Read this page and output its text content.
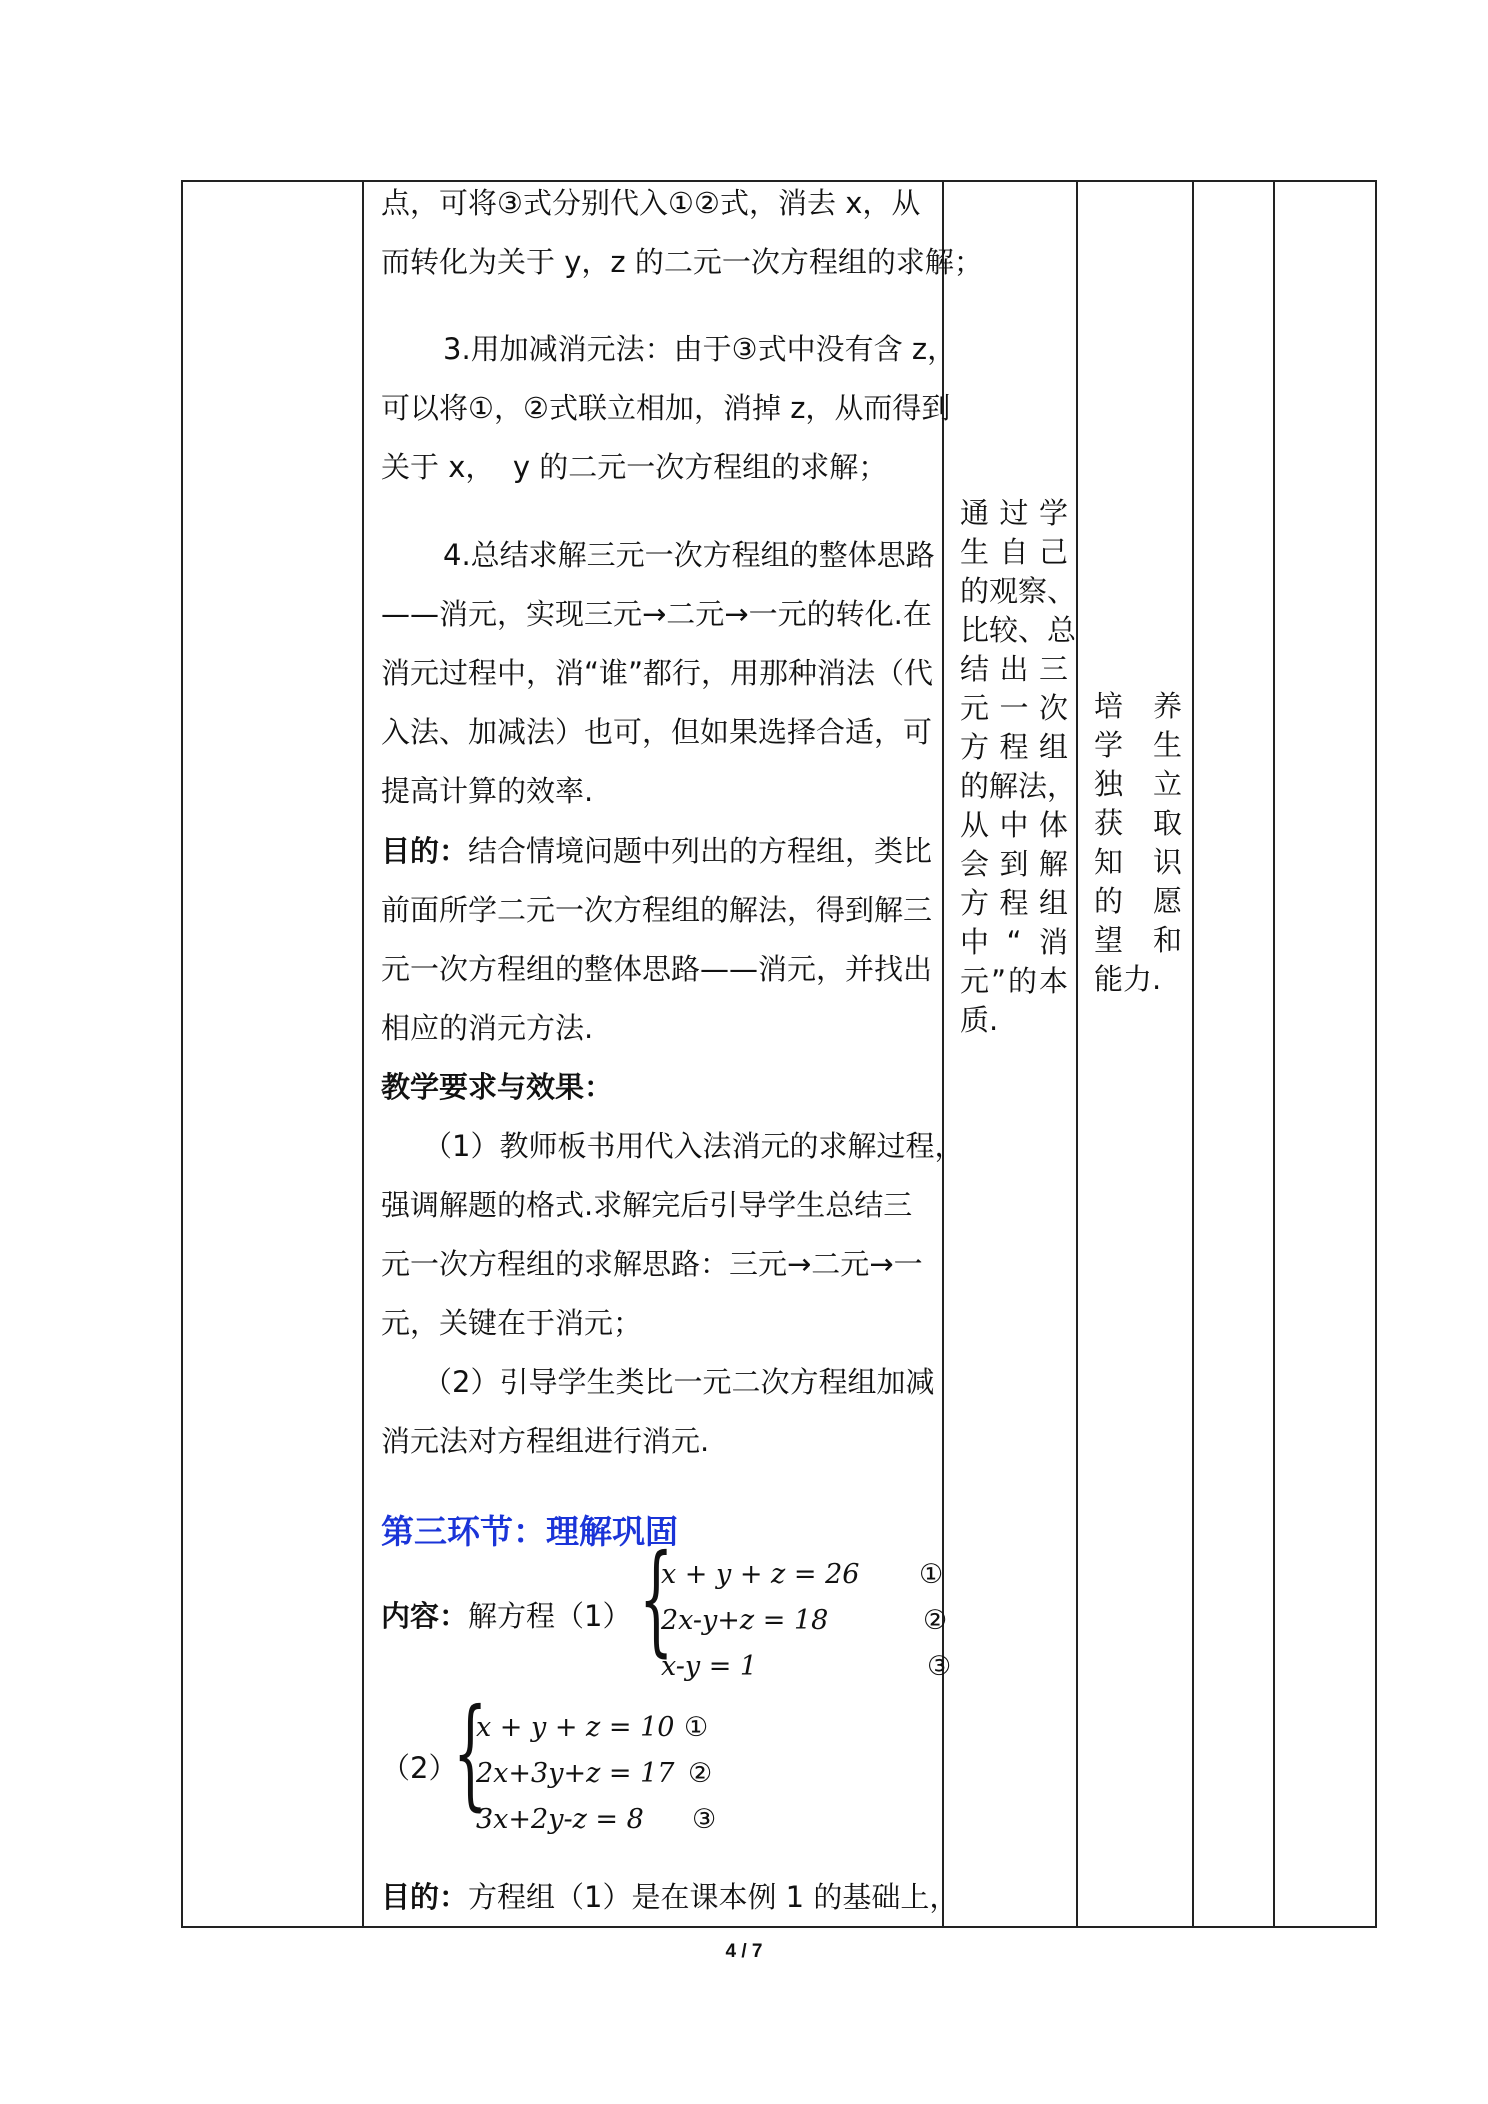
点，可将③式分别代入①②式，消去 x，从
而转化为关于 y，z 的二元一次方程组的求解；
3.用加减消元法：由于③式中没有含 z，
可以将①，②式联立相加，消掉 z，从而得到
关于 x，  y 的二元一次方程组的求解；
4.总结求解三元一次方程组的整体思路
——消元，实现三元→二元→一元的转化.在
消元过程中，消“谁”都行，用那种消法（代
入法、加减法）也可，但如果选择合适，可
提高计算的效率.
目的：结合情境问题中列出的方程组，类比
前面所学二元一次方程组的解法，得到解三
元一次方程组的整体思路——消元，并找出
相应的消元方法.
教学要求与效果：
（1）教师板书用代入法消元的求解过程，
强调解题的格式.求解完后引导学生总结三
元一次方程组的求解思路：三元→二元→一
元，关键在于消元；
（2）引导学生类比一元二次方程组加减
消元法对方程组进行消元.
第三环节：理解巩固
内容：解方程（1） {
x + y + z = 26 ①
2x-y+z = 18	②
x-y = 1	③
（2）
{
x + y + z = 10 ①
2x+3y+z = 17 ②
3x+2y-z = 8 ③
目的：方程组（1）是在课本例 1 的基础上，
通过学
生自己
的观察、
比较、总
结出三
元一次
方程组
的解法，
从中体
会到解
方程组
中“消
元”的本
质.
培 养
学 生
独 立
获 取
知 识
的 愿
望 和
能力.
4 / 7
